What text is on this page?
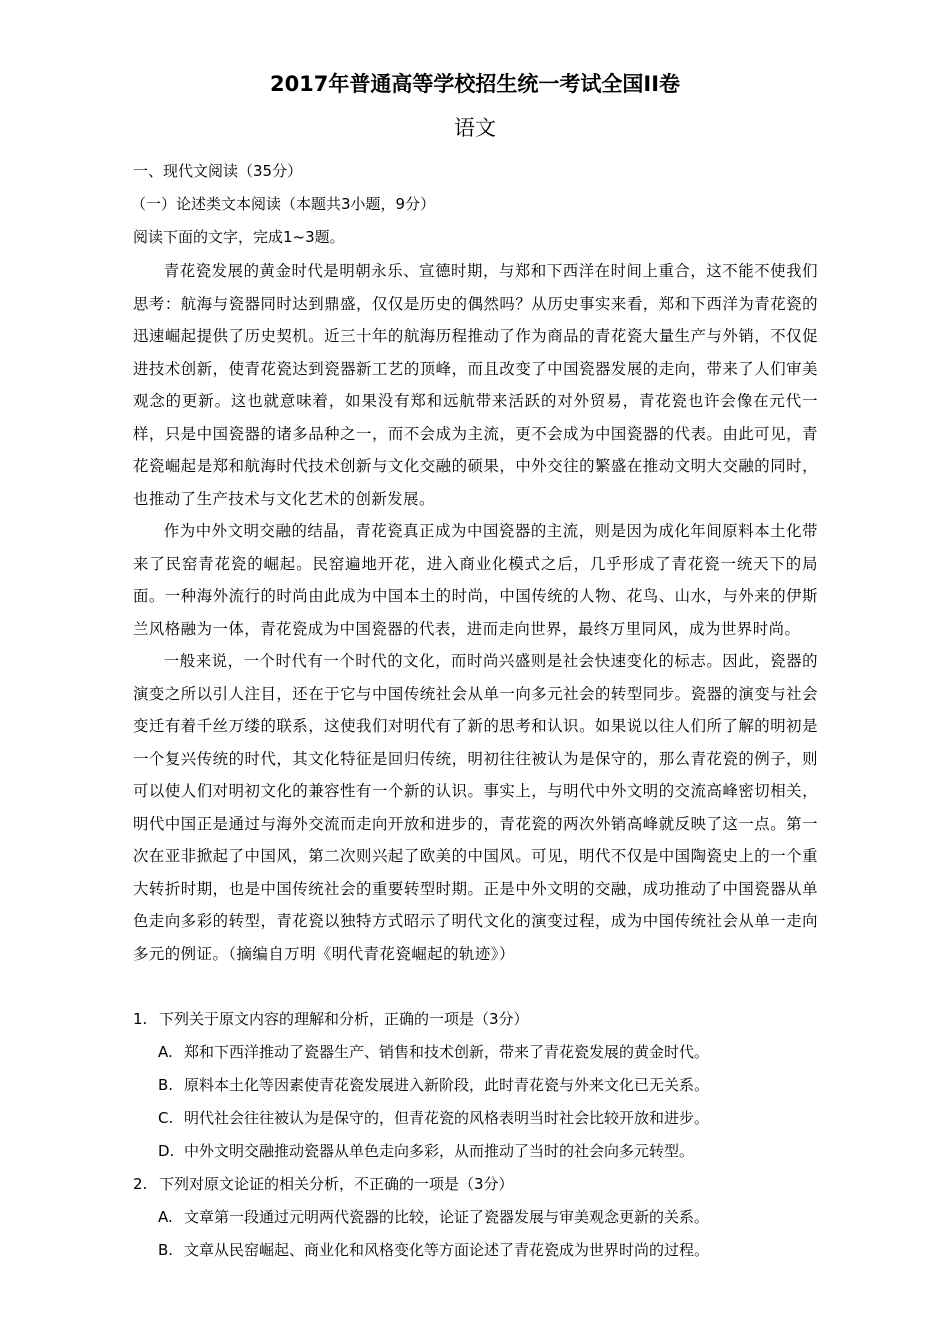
2017年普通高等学校招生统一考试全国II卷
语文
一、现代文阅读（35分）
（一）论述类文本阅读（本题共3小题，9分）
阅读下面的文字，完成1~3题。

青花瓷发展的黄金时代是明朝永乐、宣德时期，与郑和下西洋在时间上重合，这不能不使我们思考：航海与瓷器同时达到鼎盛，仅仅是历史的偶然吗？从历史事实来看，郑和下西洋为青花瓷的迅速崛起提供了历史契机。近三十年的航海历程推动了作为商品的青花瓷大量生产与外销，不仅促进技术创新，使青花瓷达到瓷器新工艺的顶峰，而且改变了中国瓷器发展的走向，带来了人们审美观念的更新。这也就意味着，如果没有郑和远航带来活跃的对外贸易，青花瓷也许会像在元代一样，只是中国瓷器的诸多品种之一，而不会成为主流，更不会成为中国瓷器的代表。由此可见，青花瓷崛起是郑和航海时代技术创新与文化交融的硕果，中外交往的繁盛在推动文明大交融的同时，也推动了生产技术与文化艺术的创新发展。

作为中外文明交融的结晶，青花瓷真正成为中国瓷器的主流，则是因为成化年间原料本土化带来了民窑青花瓷的崛起。民窑遍地开花，进入商业化模式之后，几乎形成了青花瓷一统天下的局面。一种海外流行的时尚由此成为中国本土的时尚，中国传统的人物、花鸟、山水，与外来的伊斯兰风格融为一体，青花瓷成为中国瓷器的代表，进而走向世界，最终万里同风，成为世界时尚。

一般来说，一个时代有一个时代的文化，而时尚兴盛则是社会快速变化的标志。因此，瓷器的演变之所以引人注目，还在于它与中国传统社会从单一向多元社会的转型同步。瓷器的演变与社会变迁有着千丝万缕的联系，这使我们对明代有了新的思考和认识。如果说以往人们所了解的明初是一个复兴传统的时代，其文化特征是回归传统，明初往往被认为是保守的，那么青花瓷的例子，则可以使人们对明初文化的兼容性有一个新的认识。事实上，与明代中外文明的交流高峰密切相关，明代中国正是通过与海外交流而走向开放和进步的，青花瓷的两次外销高峰就反映了这一点。第一次在亚非掀起了中国风，第二次则兴起了欧美的中国风。可见，明代不仅是中国陶瓷史上的一个重大转折时期，也是中国传统社会的重要转型时期。正是中外文明的交融，成功推动了中国瓷器从单色走向多彩的转型，青花瓷以独特方式昭示了明代文化的演变过程，成为中国传统社会从单一走向多元的例证。（摘编自万明《明代青花瓷崛起的轨迹》）

1. 下列关于原文内容的理解和分析，正确的一项是（3分）
A. 郑和下西洋推动了瓷器生产、销售和技术创新，带来了青花瓷发展的黄金时代。
B. 原料本土化等因素使青花瓷发展进入新阶段，此时青花瓷与外来文化已无关系。
C. 明代社会往往被认为是保守的，但青花瓷的风格表明当时社会比较开放和进步。
D. 中外文明交融推动瓷器从单色走向多彩，从而推动了当时的社会向多元转型。
2. 下列对原文论证的相关分析，不正确的一项是（3分）
A. 文章第一段通过元明两代瓷器的比较，论证了瓷器发展与审美观念更新的关系。
B. 文章从民窑崛起、商业化和风格变化等方面论述了青花瓷成为世界时尚的过程。
